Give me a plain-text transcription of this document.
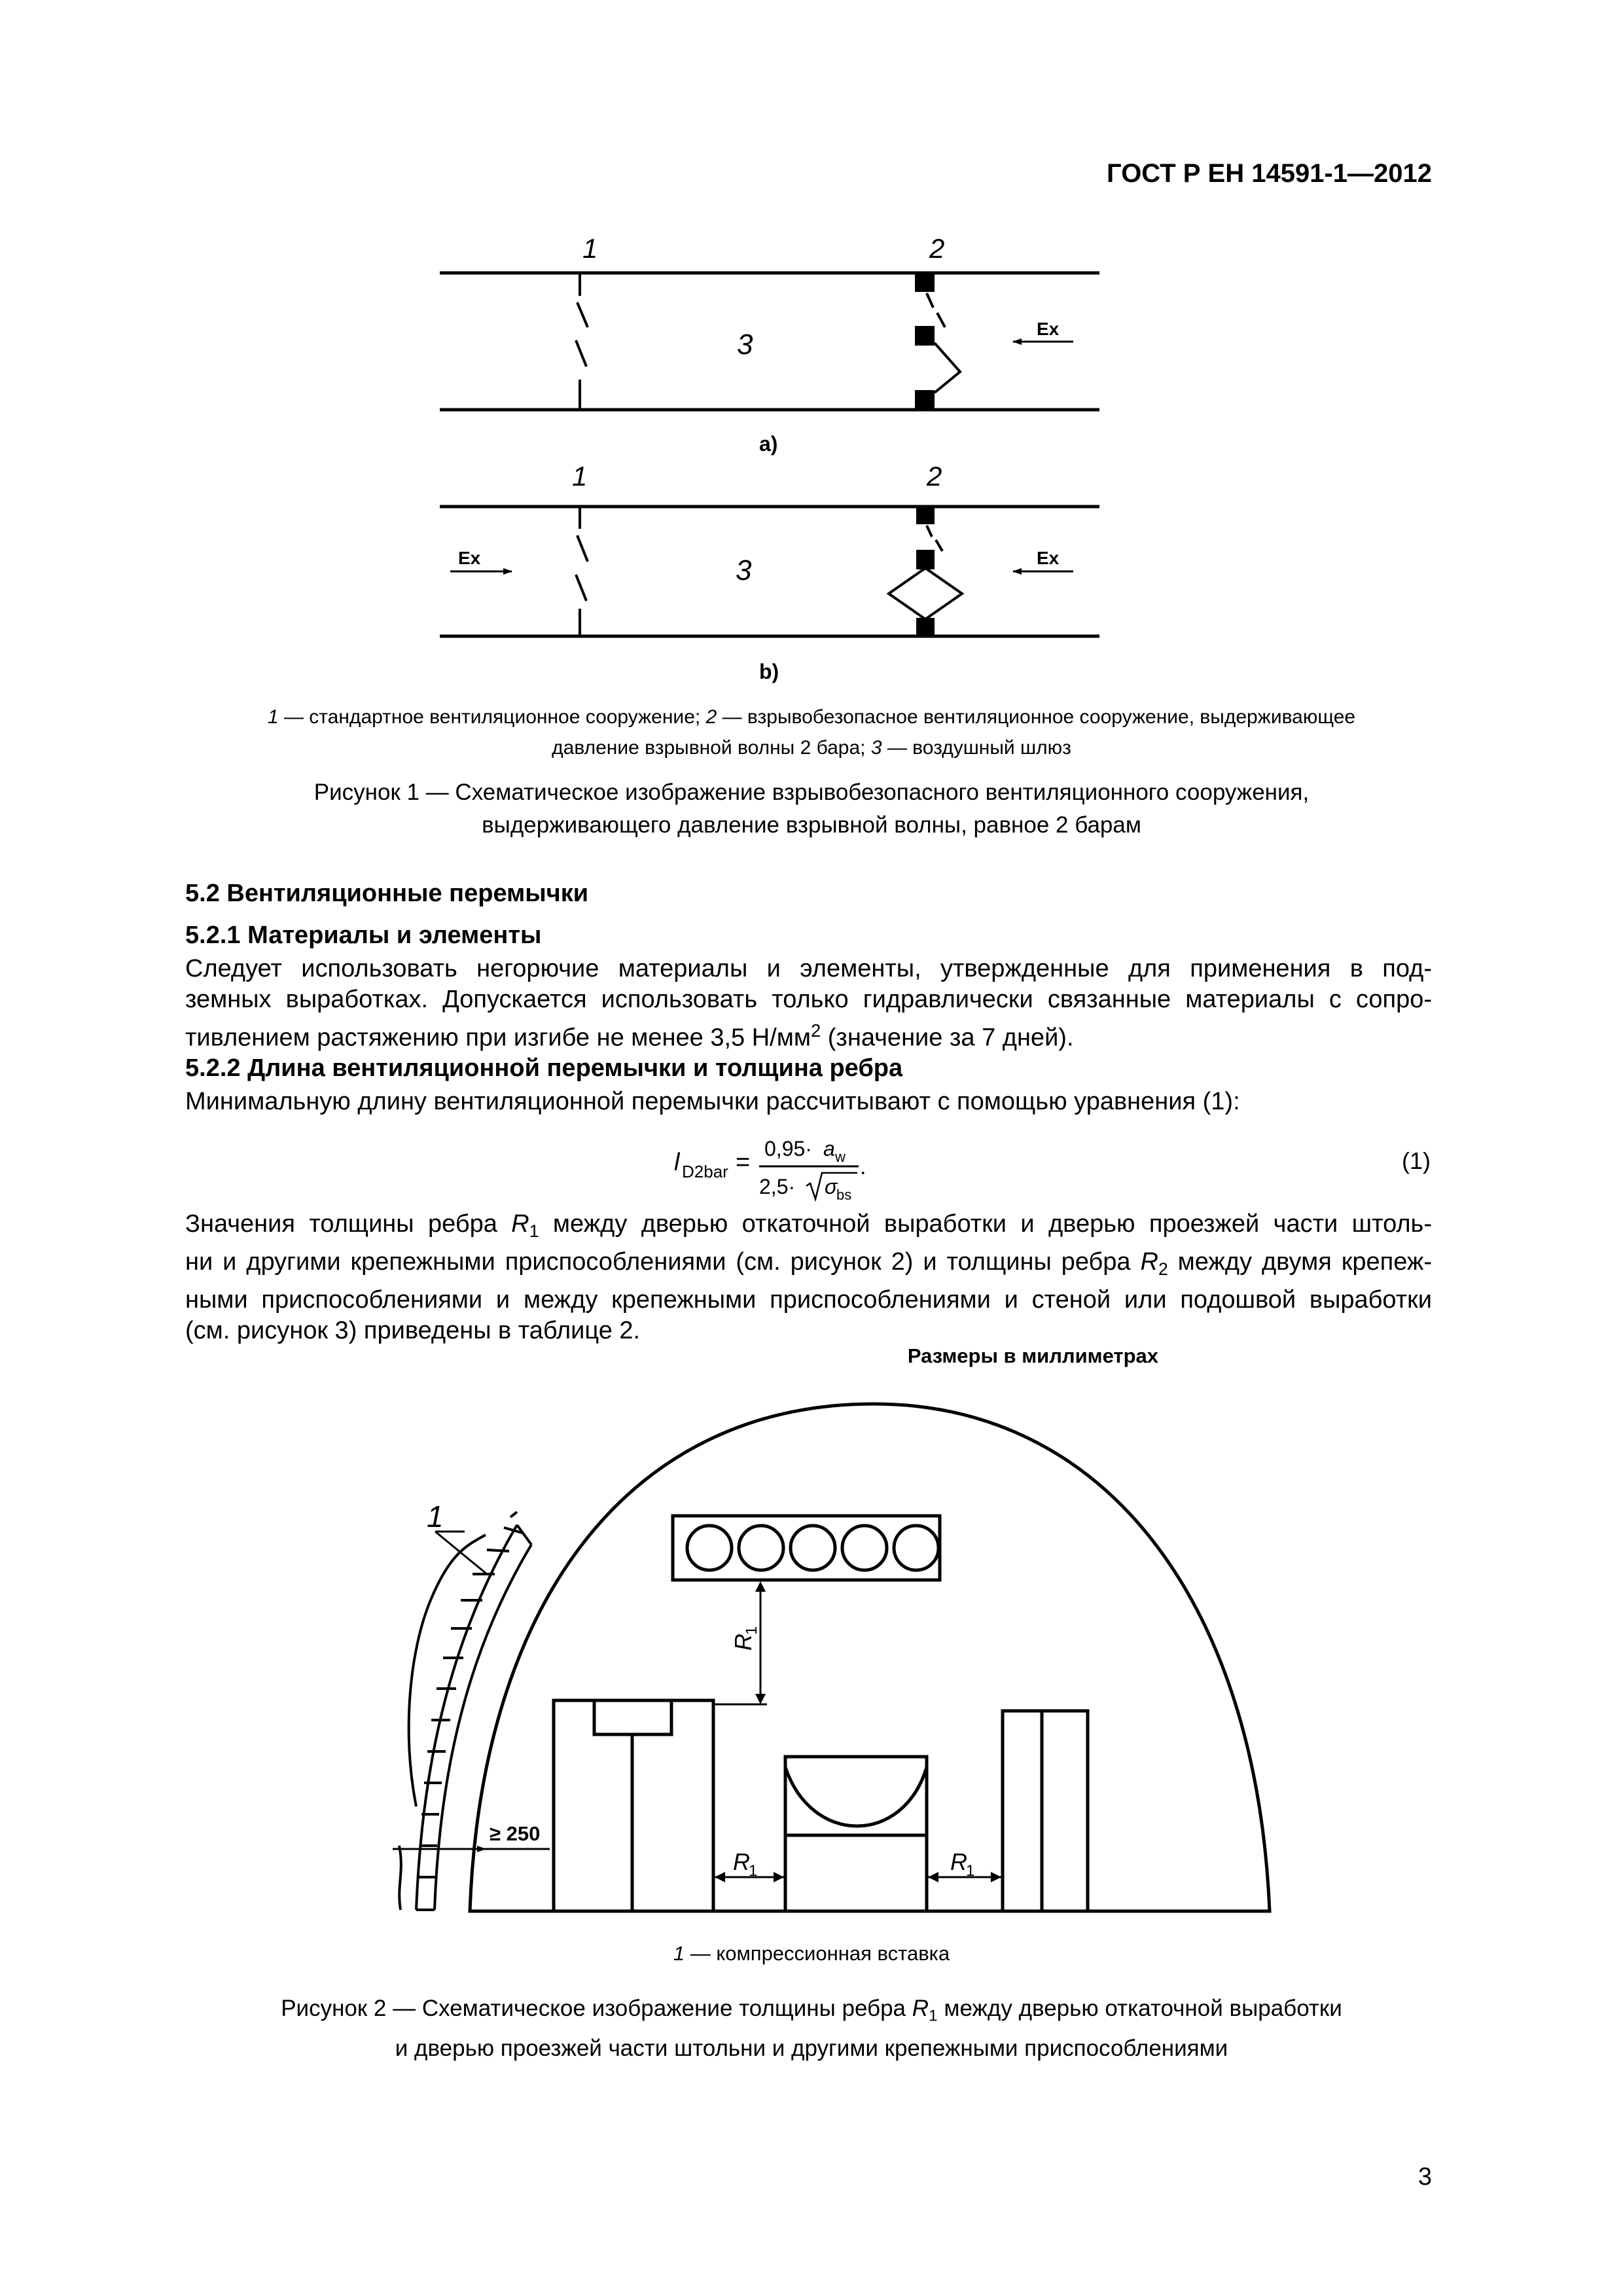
ГОСТ Р ЕН 14591-1—2012
1	2
3	Ex
a)
1	2
3
Ex	Ex
b)
1 — стандартное вентиляционное сооружение; 2 — взрывобезопасное вентиляционное сооружение, выдерживающее
давление взрывной волны 2 бара; 3 — воздушный шлюз
Рисунок 1 — Схематическое изображение взрывобезопасного вентиляционного сооружения,
выдерживающего давление взрывной волны, равное 2 барам
5.2 Вентиляционные перемычки
5.2.1 Материалы и элементы
Следует использовать негорючие материалы и элементы, утвержденные для применения в под-
земных выработках. Допускается использовать только гидравлически связанные материалы с сопро-
тивлением растяжению при изгибе не менее 3,5 $Н/мм^2$ (значение за 7 дней).
5.2.2 Длина вентиляционной перемычки и толщина ребра
Минимальную длину вентиляционной перемычки рассчитывают с помощью уравнения (1):
l D2bar = 0,95· a w
2,5· σ
bs
.	(1)
Значения толщины ребра $R_1$ между дверью откаточной выработки и дверью проезжей части штоль-
ни и другими крепежными приспособлениями (см. рисунок 2) и толщины ребра $R_2$ между двумя крепеж-
ными приспособлениями и между крепежными приспособлениями и стеной или подошвой выработки
(см. рисунок 3) приведены в таблице 2.
Размеры в миллиметрах
1
≥ 250
R
1
R
1	R
1
1 — компрессионная вставка
Рисунок 2 — Схематическое изображение толщины ребра $R_1$ между дверью откаточной выработки
и дверью проезжей части штольни и другими крепежными приспособлениями
3
